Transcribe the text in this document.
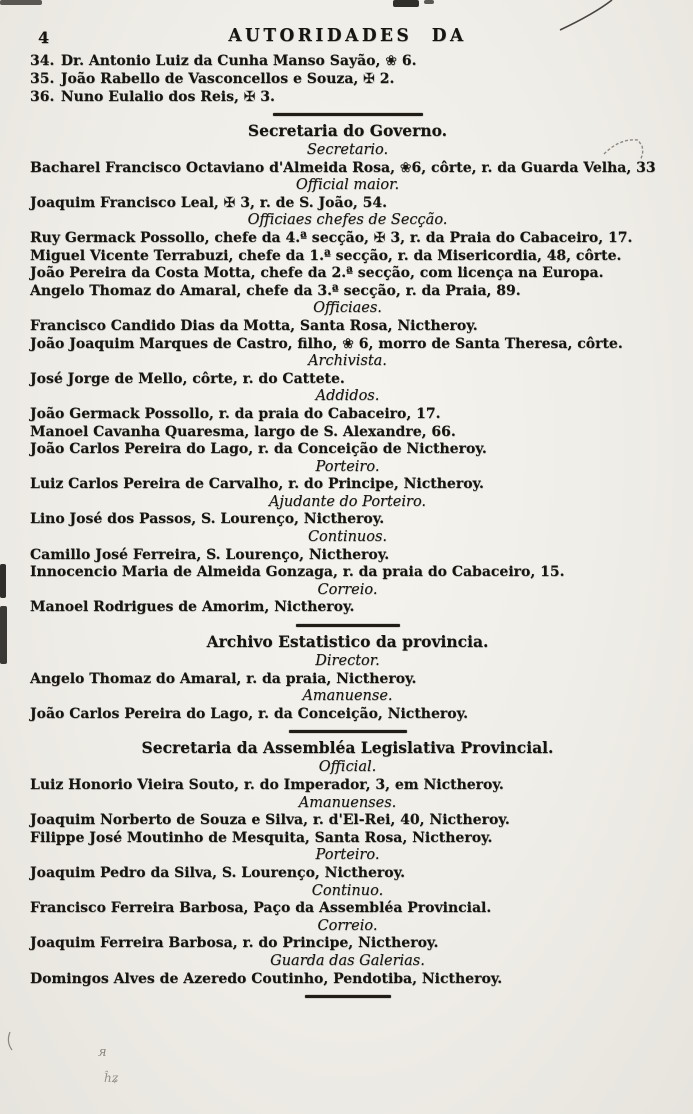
я
ĥʑ
4	AUTORIDADES DA
34. Dr. Antonio Luiz da Cunha Manso Sayão, ❀ 6.
35. João Rabello de Vasconcellos e Souza, ✠ 2.
36. Nuno Eulalio dos Reis, ✠ 3.
Secretaria do Governo.
Secretario.
Bacharel Francisco Octaviano d'Almeida Rosa, ❀6, côrte, r. da Guarda Velha, 33
Official maior.
Joaquim Francisco Leal, ✠ 3, r. de S. João, 54.
Officiaes chefes de Secção.
Ruy Germack Possollo, chefe da 4.ª secção, ✠ 3, r. da Praia do Cabaceiro, 17.
Miguel Vicente Terrabuzi, chefe da 1.ª secção, r. da Misericordia, 48, côrte.
João Pereira da Costa Motta, chefe da 2.ª secção, com licença na Europa.
Angelo Thomaz do Amaral, chefe da 3.ª secção, r. da Praia, 89.
Officiaes.
Francisco Candido Dias da Motta, Santa Rosa, Nictheroy.
João Joaquim Marques de Castro, filho, ❀ 6, morro de Santa Theresa, côrte.
Archivista.
José Jorge de Mello, côrte, r. do Cattete.
Addidos.
João Germack Possollo, r. da praia do Cabaceiro, 17.
Manoel Cavanha Quaresma, largo de S. Alexandre, 66.
João Carlos Pereira do Lago, r. da Conceição de Nictheroy.
Porteiro.
Luiz Carlos Pereira de Carvalho, r. do Principe, Nictheroy.
Ajudante do Porteiro.
Lino José dos Passos, S. Lourenço, Nictheroy.
Continuos.
Camillo José Ferreira, S. Lourenço, Nictheroy.
Innocencio Maria de Almeida Gonzaga, r. da praia do Cabaceiro, 15.
Correio.
Manoel Rodrigues de Amorim, Nictheroy.
Archivo Estatistico da provincia.
Director.
Angelo Thomaz do Amaral, r. da praia, Nictheroy.
Amanuense.
João Carlos Pereira do Lago, r. da Conceição, Nictheroy.
Secretaria da Assembléa Legislativa Provincial.
Official.
Luiz Honorio Vieira Souto, r. do Imperador, 3, em Nictheroy.
Amanuenses.
Joaquim Norberto de Souza e Silva, r. d'El-Rei, 40, Nictheroy.
Filippe José Moutinho de Mesquita, Santa Rosa, Nictheroy.
Porteiro.
Joaquim Pedro da Silva, S. Lourenço, Nictheroy.
Continuo.
Francisco Ferreira Barbosa, Paço da Assembléa Provincial.
Correio.
Joaquim Ferreira Barbosa, r. do Principe, Nictheroy.
Guarda das Galerias.
Domingos Alves de Azeredo Coutinho, Pendotiba, Nictheroy.
